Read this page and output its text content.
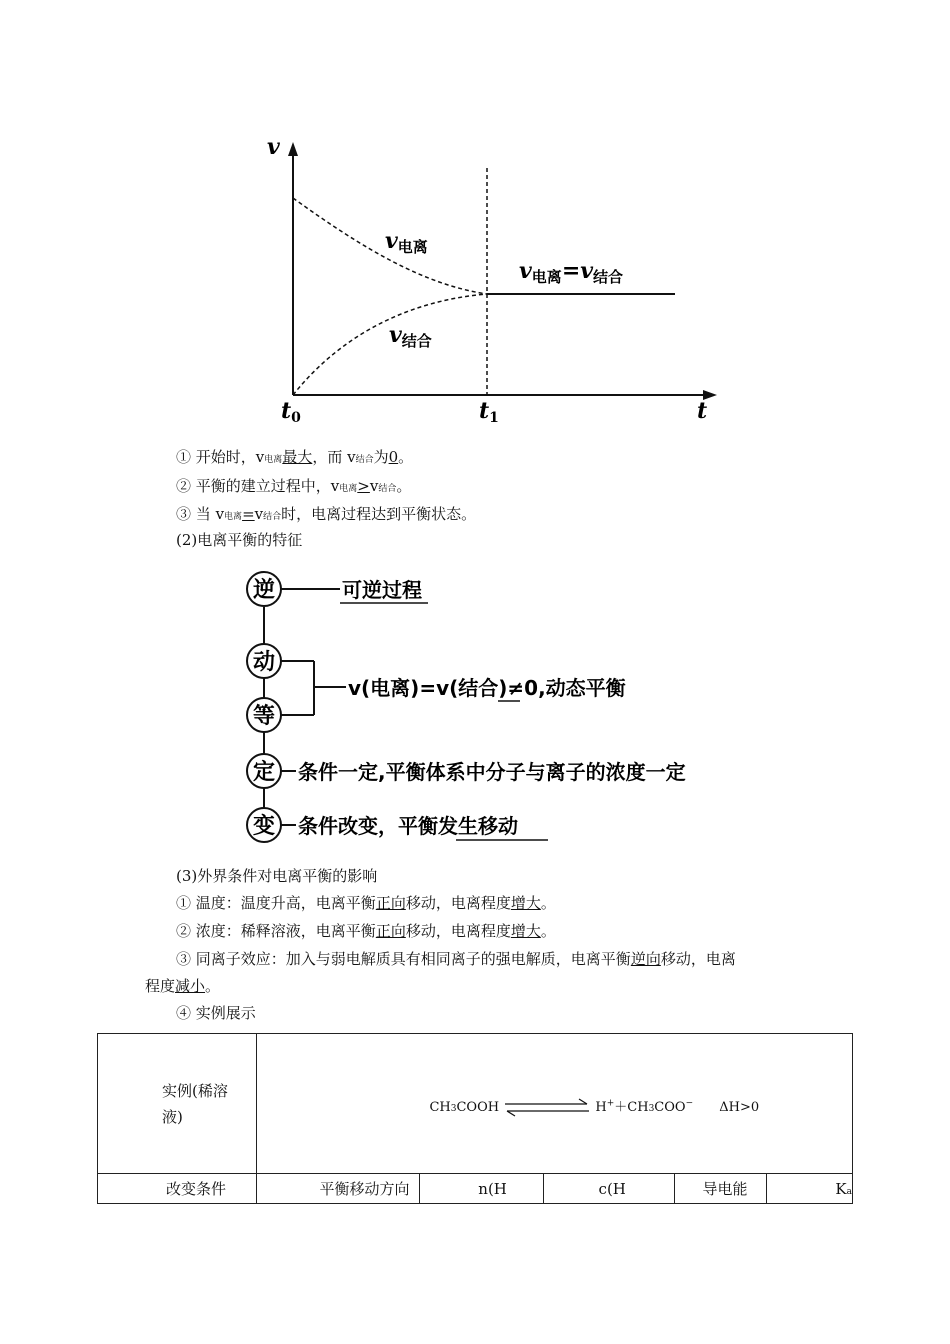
v
t
t0	t1
v电离
v结合
v电离=v结合
① 开始时，v电离最大，而 v结合为0。
② 平衡的建立过程中，v电离>v结合。
③ 当 v电离=v结合时，电离过程达到平衡状态。
(2)电离平衡的特征
逆
动
等
定
变
可逆过程
v(电离)=v(结合)≠0,动态平衡
条件一定,平衡体系中分子与离子的浓度一定
条件改变，平衡发生移动
(3)外界条件对电离平衡的影响
① 温度：温度升高，电离平衡正向移动，电离程度增大。
② 浓度：稀释溶液，电离平衡正向移动，电离程度增大。
③ 同离子效应：加入与弱电解质具有相同离子的强电解质，电离平衡逆向移动，电离
程度减小。
④ 实例展示
实例(稀溶
液)	CH3COOH H+＋CH3COO− ΔH>0				

改变条件	平衡移动方向	n(H	c(H	导电能	Ka
